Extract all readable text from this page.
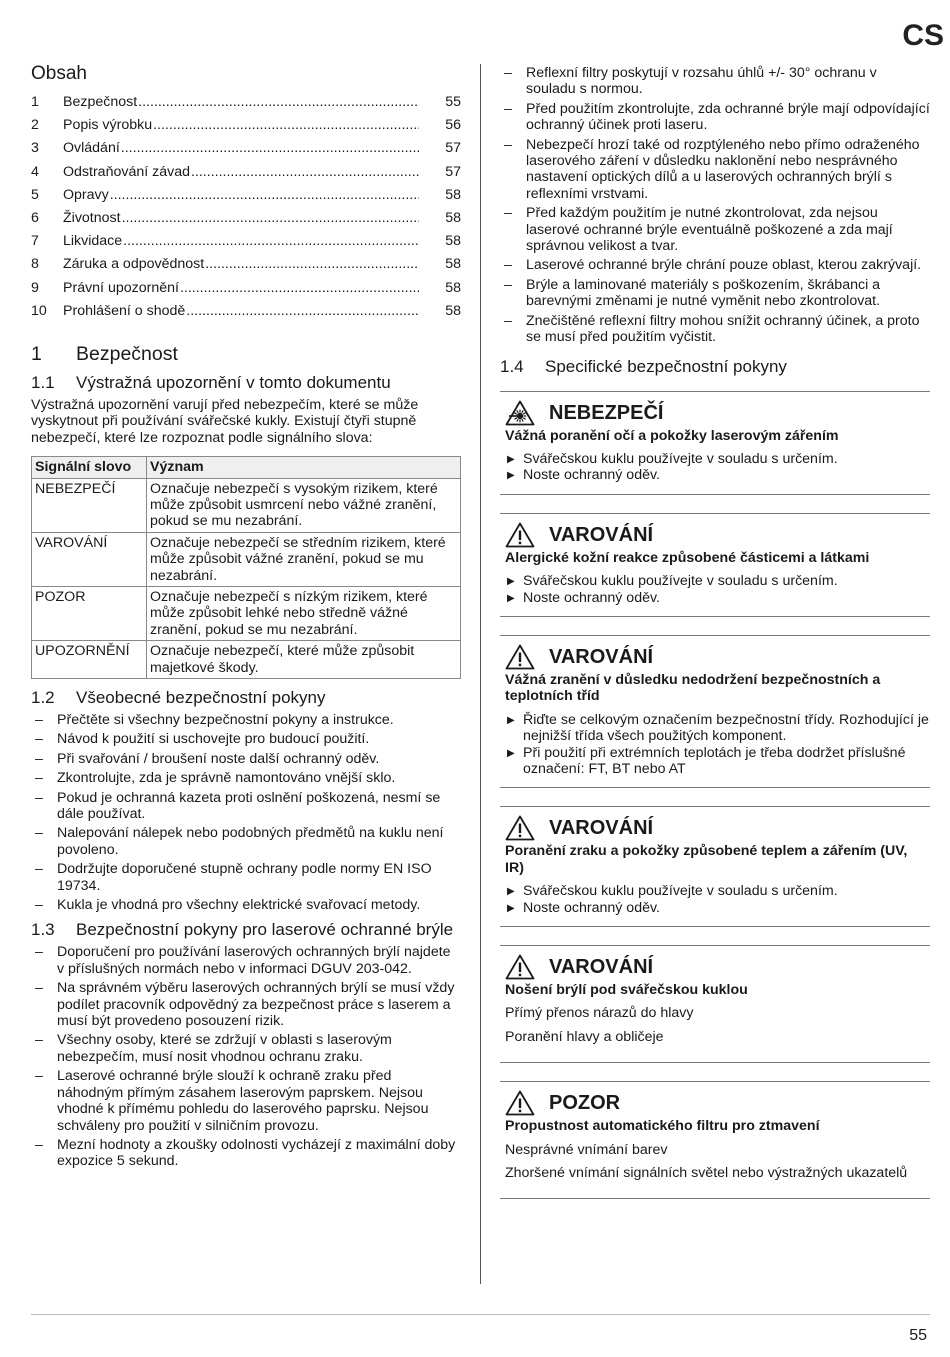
CS
Obsah
1	Bezpečnost .....	55
2	Popis výrobku .....	56
3	Ovládání .....	57
4	Odstraňování závad .....	57
5	Opravy .....	58
6	Životnost .....	58
7	Likvidace .....	58
8	Záruka a odpovědnost .....	58
9	Právní upozornění .....	58
10	Prohlášení o shodě .....	58
1	Bezpečnost
1.1	Výstražná upozornění v tomto dokumentu

Výstražná upozornění varují před nebezpečím, které se může vyskytnout při používání svářečské kukly. Existují čtyři stupně nebezpečí, které lze rozpoznat podle signálního slova:

Signální slovo	Význam
NEBEZPEČÍ	Označuje nebezpečí s vysokým rizikem, které může způsobit usmrcení nebo vážné zranění, pokud se mu nezabrání.
VAROVÁNÍ	Označuje nebezpečí se středním rizikem, které může způsobit vážné zranění, pokud se mu nezabrání.
POZOR	Označuje nebezpečí s nízkým rizikem, které může způsobit lehké nebo středně vážné zranění, pokud se mu nezabrání.
UPOZORNĚNÍ	Označuje nebezpečí, které může způsobit majetkové škody.
1.2	Všeobecné bezpečnostní pokyny
– Přečtěte si všechny bezpečnostní pokyny a instrukce.
– Návod k použití si uschovejte pro budoucí použití.
– Při svařování / broušení noste další ochranný oděv.
– Zkontrolujte, zda je správně namontováno vnější sklo.
– Pokud je ochranná kazeta proti oslnění poškozená, nesmí se dále používat.
– Nalepování nálepek nebo podobných předmětů na kuklu není povoleno.
– Dodržujte doporučené stupně ochrany podle normy EN ISO 19734.
– Kukla je vhodná pro všechny elektrické svařovací metody.
1.3	Bezpečnostní pokyny pro laserové ochranné brýle
– Doporučení pro používání laserových ochranných brýlí najdete v příslušných normách nebo v informaci DGUV 203-042.
– Na správném výběru laserových ochranných brýlí se musí vždy podílet pracovník odpovědný za bezpečnost práce s laserem a musí být provedeno posouzení rizik.
– Všechny osoby, které se zdržují v oblasti s laserovým nebezpečím, musí nosit vhodnou ochranu zraku.
– Laserové ochranné brýle slouží k ochraně zraku před náhodným přímým zásahem laserovým paprskem. Nejsou vhodné k přímému pohledu do laserového paprsku. Nejsou schváleny pro použití v silničním provozu.
– Mezní hodnoty a zkoušky odolnosti vycházejí z maximální doby expozice 5 sekund.
– Reflexní filtry poskytují v rozsahu úhlů +/- 30° ochranu v souladu s normou.
– Před použitím zkontrolujte, zda ochranné brýle mají odpovídající ochranný účinek proti laseru.
– Nebezpečí hrozí také od rozptýleného nebo přímo odraženého laserového záření v důsledku naklonění nebo nesprávného nastavení optických dílů a u laserových ochranných brýlí s reflexními vrstvami.
– Před každým použitím je nutné zkontrolovat, zda nejsou laserové ochranné brýle eventuálně poškozené a zda mají správnou velikost a tvar.
– Laserové ochranné brýle chrání pouze oblast, kterou zakrývají.
– Brýle a laminované materiály s poškozením, škrábanci a barevnými změnami je nutné vyměnit nebo zkontrolovat.
– Znečištěné reflexní filtry mohou snížit ochranný účinek, a proto se musí před použitím vyčistit.
1.4	Specifické bezpečnostní pokyny
NEBEZPEČÍ
Vážná poranění očí a pokožky laserovým zářením
▶ Svářečskou kuklu používejte v souladu s určením.
▶ Noste ochranný oděv.
VAROVÁNÍ
Alergické kožní reakce způsobené částicemi a látkami
▶ Svářečskou kuklu používejte v souladu s určením.
▶ Noste ochranný oděv.
VAROVÁNÍ
Vážná zranění v důsledku nedodržení bezpečnostních a teplotních tříd
▶ Řiďte se celkovým označením bezpečnostní třídy. Rozhodující je nejnižší třída všech použitých komponent.
▶ Při použití při extrémních teplotách je třeba dodržet příslušné označení: FT, BT nebo AT
VAROVÁNÍ
Poranění zraku a pokožky způsobené teplem a zářením (UV, IR)
▶ Svářečskou kuklu používejte v souladu s určením.
▶ Noste ochranný oděv.
VAROVÁNÍ
Nošení brýlí pod svářečskou kuklou

Přímý přenos nárazů do hlavy

Poranění hlavy a obličeje

POZOR
Propustnost automatického filtru pro ztmavení

Nesprávné vnímání barev

Zhoršené vnímání signálních světel nebo výstražných ukazatelů

55
